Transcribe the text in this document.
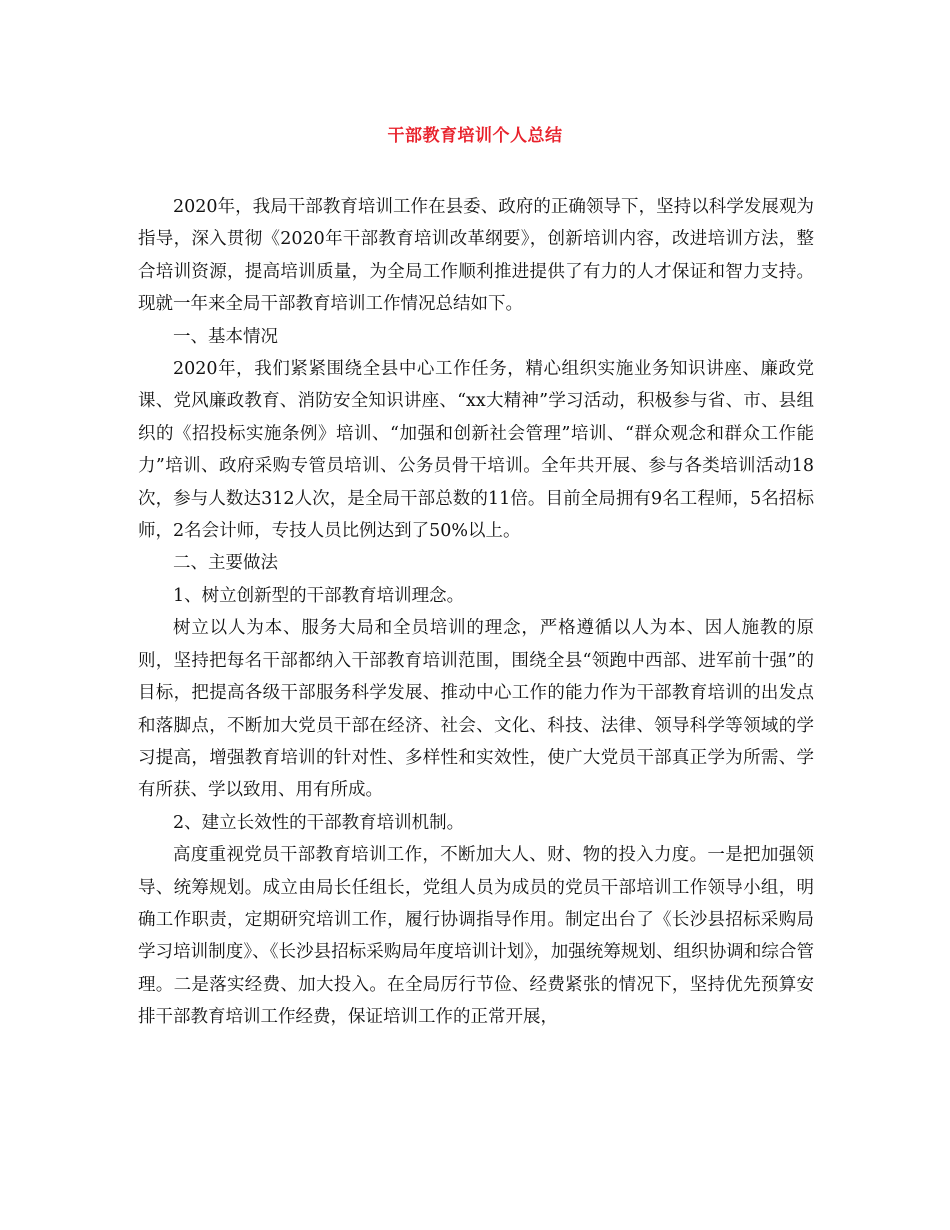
干部教育培训个人总结

2020年，我局干部教育培训工作在县委、政府的正确领导下，坚持以科学发展观为指导，深入贯彻《2020年干部教育培训改革纲要》，创新培训内容，改进培训方法，整合培训资源，提高培训质量，为全局工作顺利推进提供了有力的人才保证和智力支持。现就一年来全局干部教育培训工作情况总结如下。

一、基本情况

2020年，我们紧紧围绕全县中心工作任务，精心组织实施业务知识讲座、廉政党课、党风廉政教育、消防安全知识讲座、“xx大精神”学习活动，积极参与省、市、县组织的《招投标实施条例》培训、“加强和创新社会管理”培训、“群众观念和群众工作能力”培训、政府采购专管员培训、公务员骨干培训。全年共开展、参与各类培训活动18次，参与人数达312人次，是全局干部总数的11倍。目前全局拥有9名工程师，5名招标师，2名会计师，专技人员比例达到了50%以上。

二、主要做法

1、树立创新型的干部教育培训理念。

树立以人为本、服务大局和全员培训的理念，严格遵循以人为本、因人施教的原则，坚持把每名干部都纳入干部教育培训范围，围绕全县“领跑中西部、进军前十强”的目标，把提高各级干部服务科学发展、推动中心工作的能力作为干部教育培训的出发点和落脚点，不断加大党员干部在经济、社会、文化、科技、法律、领导科学等领域的学习提高，增强教育培训的针对性、多样性和实效性，使广大党员干部真正学为所需、学有所获、学以致用、用有所成。

2、建立长效性的干部教育培训机制。

高度重视党员干部教育培训工作，不断加大人、财、物的投入力度。一是把加强领导、统筹规划。成立由局长任组长，党组人员为成员的党员干部培训工作领导小组，明确工作职责，定期研究培训工作，履行协调指导作用。制定出台了《长沙县招标采购局学习培训制度》、《长沙县招标采购局年度培训计划》，加强统筹规划、组织协调和综合管理。二是落实经费、加大投入。在全局厉行节俭、经费紧张的情况下，坚持优先预算安排干部教育培训工作经费，保证培训工作的正常开展，
